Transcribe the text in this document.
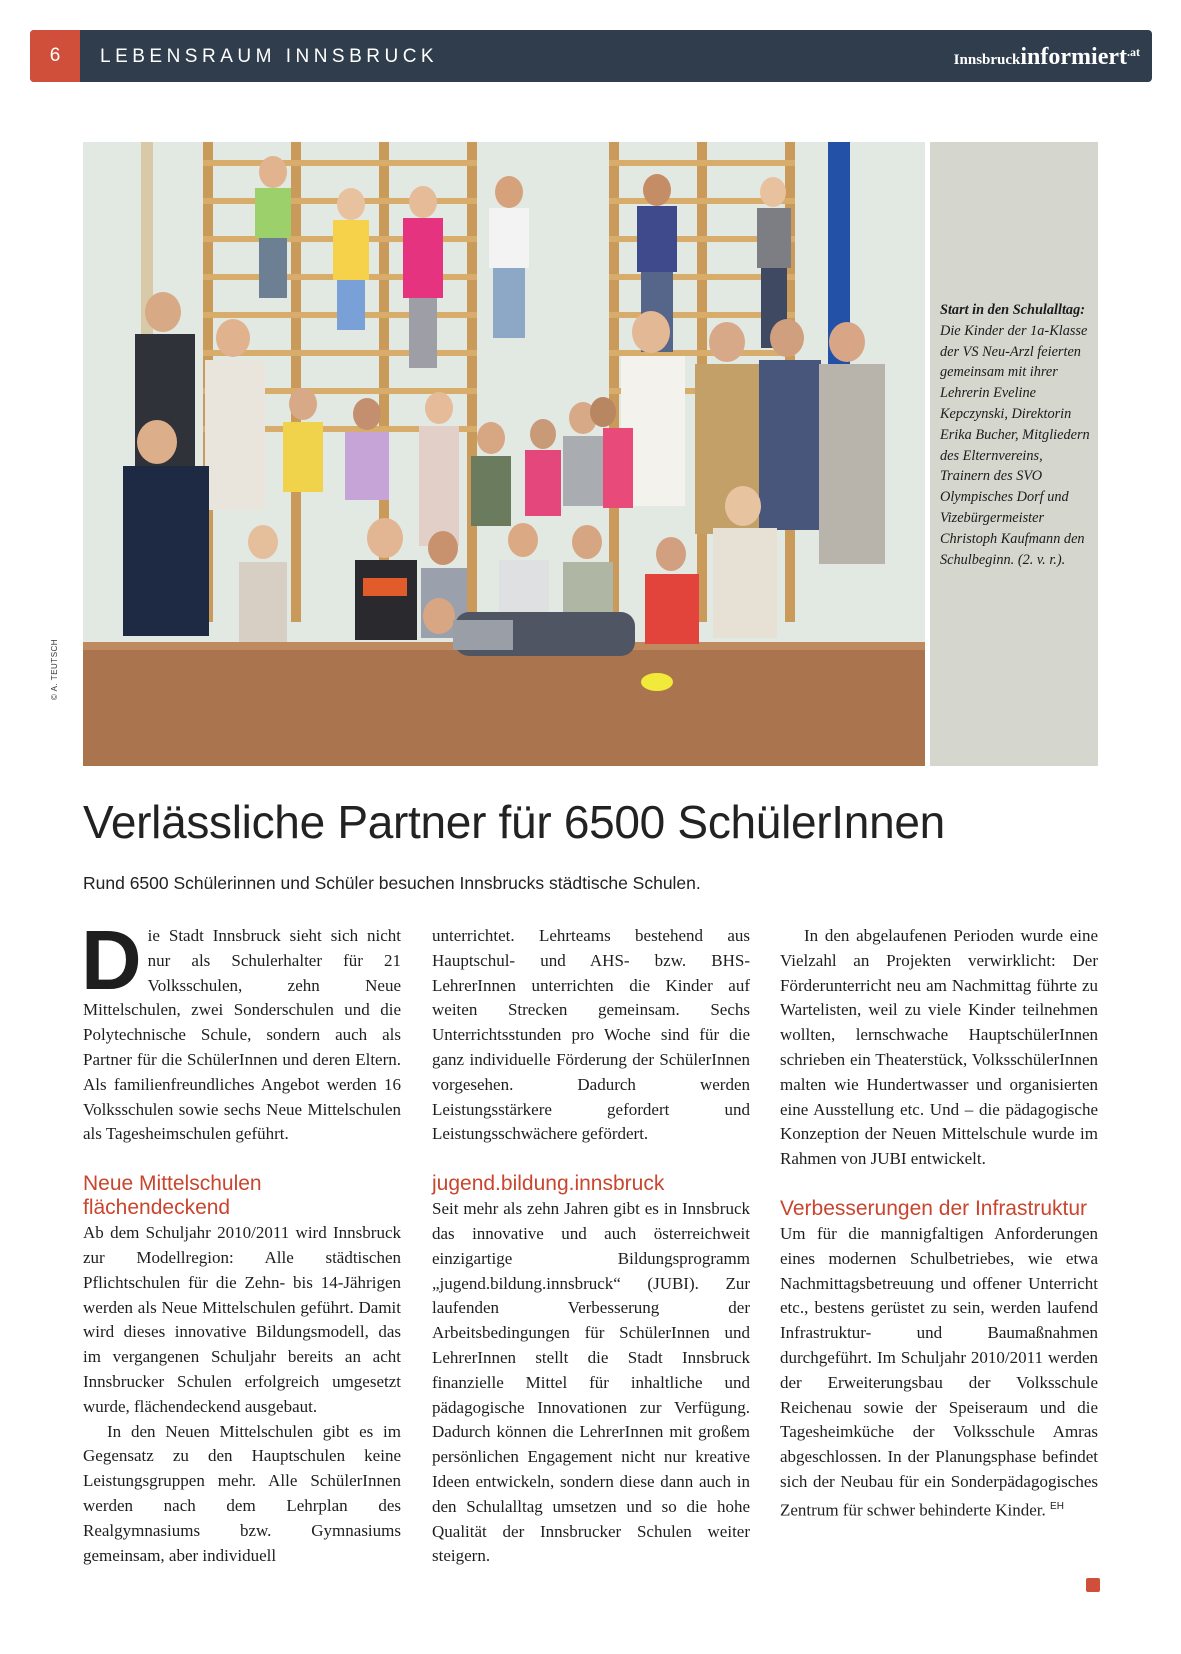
6	LEBENSRAUM INNSBRUCK	Innsbruckinformiert$^{.at}$
© A. TEUTSCH
Start in den Schulalltag: Die Kinder der 1a-Klasse der VS Neu-Arzl feierten gemeinsam mit ihrer Lehrerin Eveline Kepczynski, Direktorin Erika Bucher, Mitgliedern des Elternvereins, Trainern des SVO Olympisches Dorf und Vizebürgermeister Christoph Kaufmann den Schulbeginn. (2. v. r.).
Verlässliche Partner für 6500 SchülerInnen
Rund 6500 Schülerinnen und Schüler besuchen Innsbrucks städtische Schulen.

Die Stadt Innsbruck sieht sich nicht nur als Schulerhalter für 21 Volksschulen, zehn Neue Mittelschulen, zwei Sonderschulen und die Polytechnische Schule, sondern auch als Partner für die SchülerInnen und deren Eltern. Als familienfreundliches Angebot werden 16 Volksschulen sowie sechs Neue Mittelschulen als Tagesheimschulen geführt.

Neue Mittelschulen flächendeckend

Ab dem Schuljahr 2010/2011 wird Innsbruck zur Modellregion: Alle städtischen Pflichtschulen für die Zehn- bis 14-Jährigen werden als Neue Mittelschulen geführt. Damit wird dieses innovative Bildungsmodell, das im vergangenen Schuljahr bereits an acht Innsbrucker Schulen erfolgreich umgesetzt wurde, flächendeckend ausgebaut.

In den Neuen Mittelschulen gibt es im Gegensatz zu den Hauptschulen keine Leistungsgruppen mehr. Alle SchülerInnen werden nach dem Lehrplan des Realgymnasiums bzw. Gymnasiums gemeinsam, aber individuell

unterrichtet. Lehrteams bestehend aus Hauptschul- und AHS- bzw. BHS-LehrerInnen unterrichten die Kinder auf weiten Strecken gemeinsam. Sechs Unterrichtsstunden pro Woche sind für die ganz individuelle Förderung der SchülerInnen vorgesehen. Dadurch werden Leistungsstärkere gefordert und Leistungsschwächere gefördert.

jugend.bildung.innsbruck

Seit mehr als zehn Jahren gibt es in Innsbruck das innovative und auch österreichweit einzigartige Bildungsprogramm „jugend.bildung.innsbruck“ (JUBI). Zur laufenden Verbesserung der Arbeitsbedingungen für SchülerInnen und LehrerInnen stellt die Stadt Innsbruck finanzielle Mittel für inhaltliche und pädagogische Innovationen zur Verfügung. Dadurch können die LehrerInnen mit großem persönlichen Engagement nicht nur kreative Ideen entwickeln, sondern diese dann auch in den Schulalltag umsetzen und so die hohe Qualität der Innsbrucker Schulen weiter steigern.

In den abgelaufenen Perioden wurde eine Vielzahl an Projekten verwirklicht: Der Förderunterricht neu am Nachmittag führte zu Wartelisten, weil zu viele Kinder teilnehmen wollten, lernschwache HauptschülerInnen schrieben ein Theaterstück, VolksschülerInnen malten wie Hundertwasser und organisierten eine Ausstellung etc. Und – die pädagogische Konzeption der Neuen Mittelschule wurde im Rahmen von JUBI entwickelt.

Verbesserungen der Infrastruktur

Um für die mannigfaltigen Anforderungen eines modernen Schulbetriebes, wie etwa Nachmittagsbetreuung und offener Unterricht etc., bestens gerüstet zu sein, werden laufend Infrastruktur- und Baumaßnahmen durchgeführt. Im Schuljahr 2010/2011 werden der Erweiterungsbau der Volksschule Reichenau sowie der Speiseraum und die Tagesheimküche der Volksschule Amras abgeschlossen. In der Planungsphase befindet sich der Neubau für ein Sonderpädagogisches Zentrum für schwer behinderte Kinder. $^{EH}$
